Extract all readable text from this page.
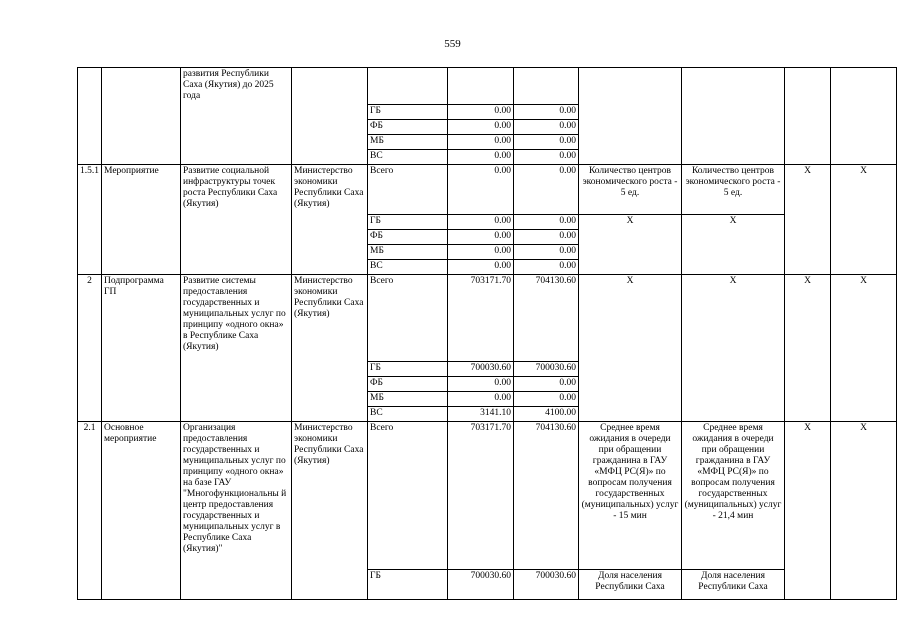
559
		развития Республики Саха (Якутия) до 2025 года								
				ГБ	0.00	0.00				
				ФБ	0.00	0.00				
				МБ	0.00	0.00				
				ВС	0.00	0.00				
1.5.1	Мероприятие	Развитие социальной инфраструктуры точек роста Республики Саха (Якутия)	Министерство экономики Республики Саха (Якутия)	Всего	0.00	0.00	Количество центров экономического роста - 5 ед.	Количество центров экономического роста - 5 ед.	X	X
				ГБ	0.00	0.00	X	X		
				ФБ	0.00	0.00				
				МБ	0.00	0.00				
				ВС	0.00	0.00				
2	Подпрограмма ГП	Развитие системы предоставления государственных и муниципальных услуг по принципу «одного окна» в Республике Саха (Якутия)	Министерство экономики Республики Саха (Якутия)	Всего	703171.70	704130.60	X	X	X	X
				ГБ	700030.60	700030.60				
				ФБ	0.00	0.00				
				МБ	0.00	0.00				
				ВС	3141.10	4100.00				
2.1	Основное мероприятие	Организация предоставления государственных и муниципальных услуг по принципу «одного окна» на базе ГАУ "Многофункциональны й центр предоставления государственных и муниципальных услуг в Республике Саха (Якутия)"	Министерство экономики Республики Саха (Якутия)	Всего	703171.70	704130.60	Среднее время ожидания в очереди при обращении гражданина в ГАУ «МФЦ РС(Я)» по вопросам получения государственных (муниципальных) услуг - 15 мин	Среднее время ожидания в очереди при обращении гражданина в ГАУ «МФЦ РС(Я)» по вопросам получения государственных (муниципальных) услуг - 21,4 мин	X	X
				ГБ	700030.60	700030.60	Доля населения Республики Саха	Доля населения Республики Саха		
